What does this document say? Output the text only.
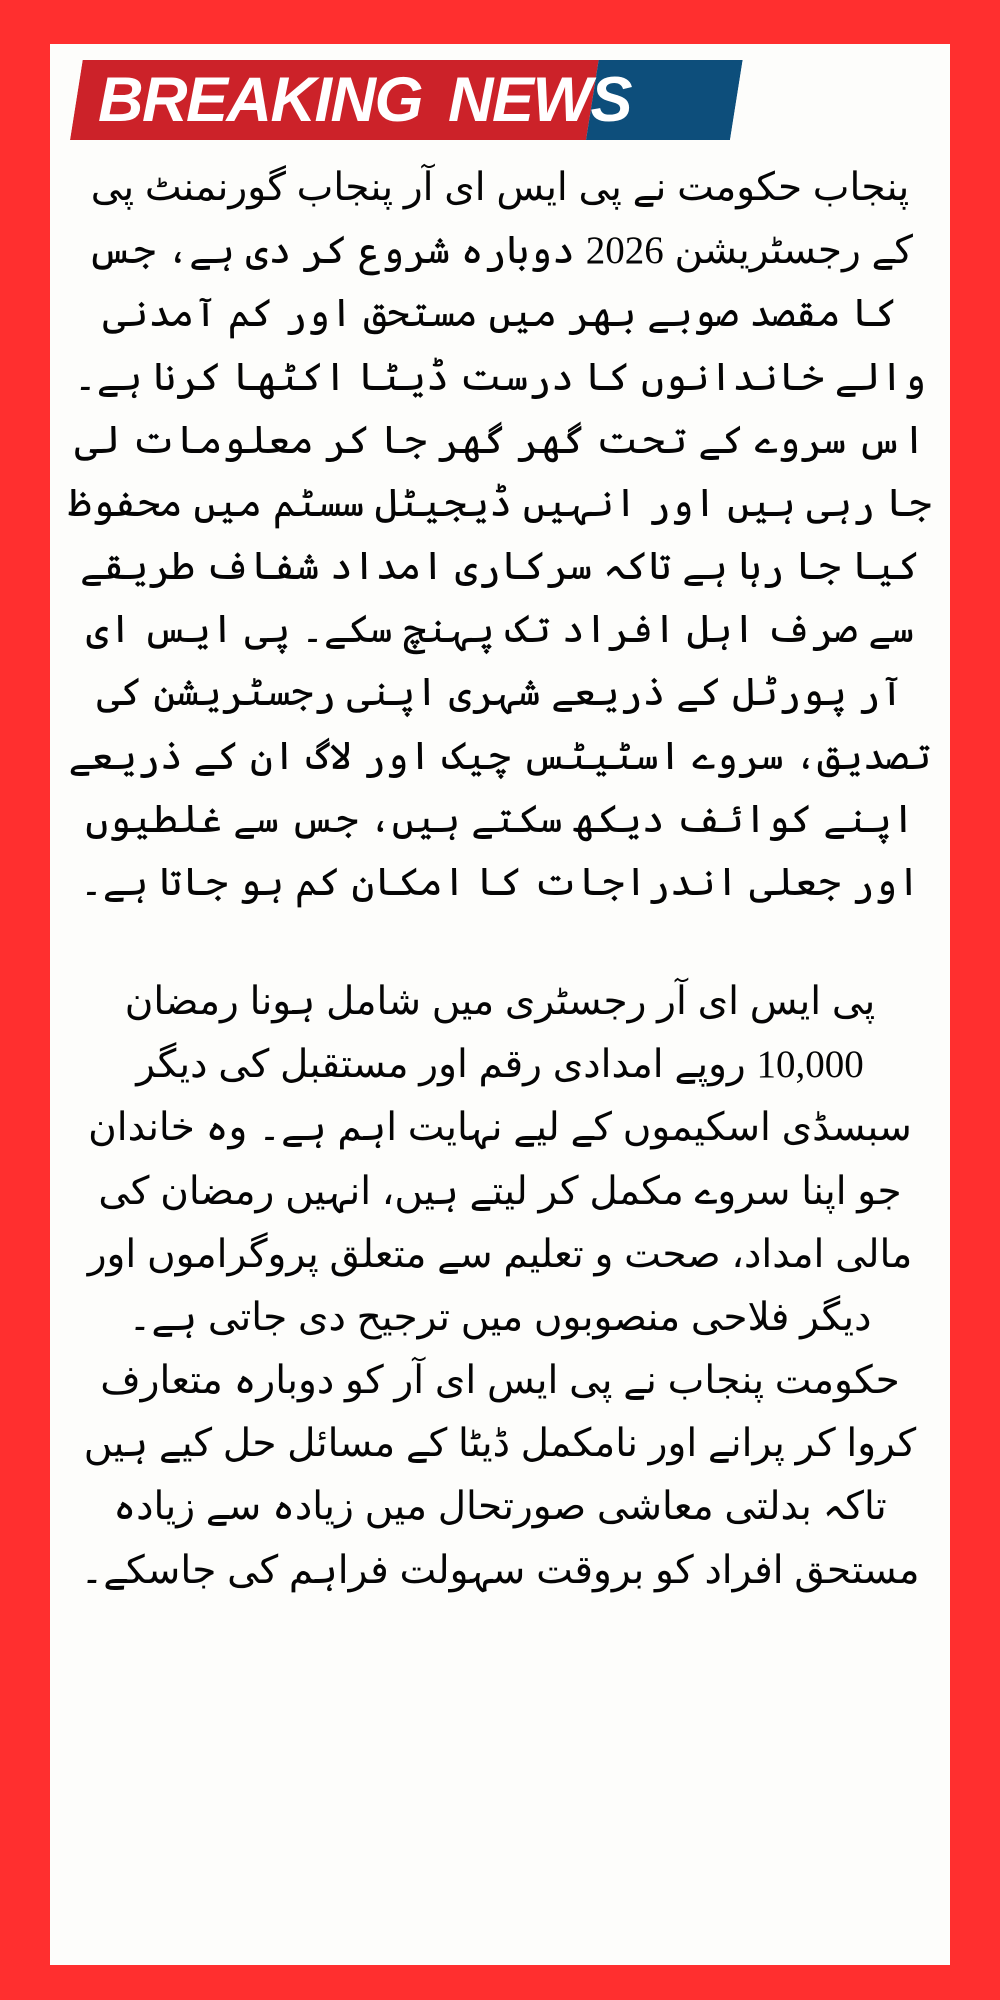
BREAKING NEWS

پنجاب حکومت نے پی ایس ای آر پنجاب گورنمنٹ پی کے رجسٹریشن 2026 دوبارہ شروع کر دی ہے، جس کا مقصد صوبے بھر میں مستحق اور کم آمدنی والے خاندانوں کا درست ڈیٹا اکٹھا کرنا ہے۔ اس سروے کے تحت گھر گھر جا کر معلومات لی جا رہی ہیں اور انہیں ڈیجیٹل سسٹم میں محفوظ کیا جا رہا ہے تاکہ سرکاری امداد شفاف طریقے سے صرف اہل افراد تک پہنچ سکے۔ پی ایس ای آر پورٹل کے ذریعے شہری اپنی رجسٹریشن کی تصدیق، سروے اسٹیٹس چیک اور لاگ ان کے ذریعے اپنے کوائف دیکھ سکتے ہیں، جس سے غلطیوں اور جعلی اندراجات کا امکان کم ہو جاتا ہے۔

پی ایس ای آر رجسٹری میں شامل ہونا رمضان 10,000 روپے امدادی رقم اور مستقبل کی دیگر سبسڈی اسکیموں کے لیے نہایت اہم ہے۔ وہ خاندان جو اپنا سروے مکمل کر لیتے ہیں، انہیں رمضان کی مالی امداد، صحت و تعلیم سے متعلق پروگراموں اور دیگر فلاحی منصوبوں میں ترجیح دی جاتی ہے۔ حکومت پنجاب نے پی ایس ای آر کو دوبارہ متعارف کروا کر پرانے اور نامکمل ڈیٹا کے مسائل حل کیے ہیں تاکہ بدلتی معاشی صورتحال میں زیادہ سے زیادہ مستحق افراد کو بروقت سہولت فراہم کی جاسکے۔
